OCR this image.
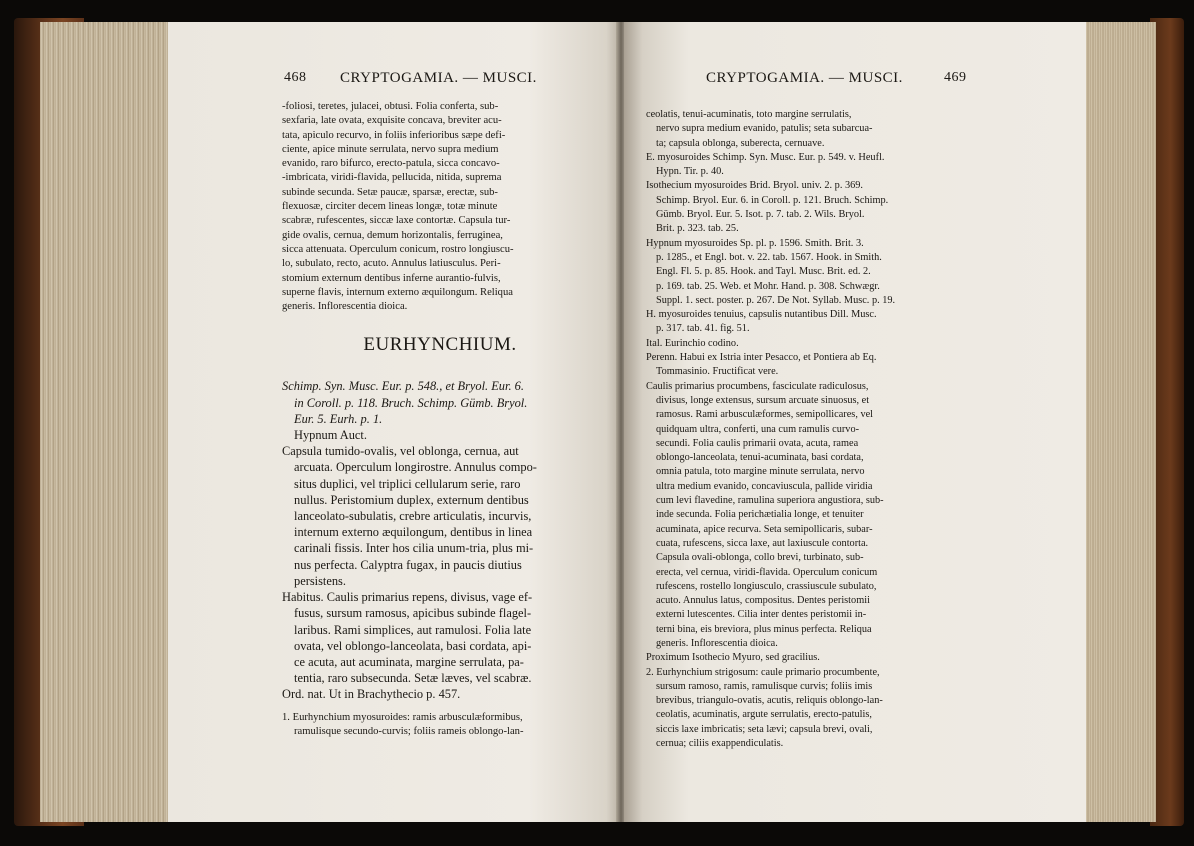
468 CRYPTOGAMIA. — MUSCI.
-foliosi, teretes, julacei, obtusi. Folia conferta, sub-
sexfaria, late ovata, exquisite concava, breviter acu-
tata, apiculo recurvo, in foliis inferioribus sæpe defi-
ciente, apice minute serrulata, nervo supra medium
evanido, raro bifurco, erecto-patula, sicca concavo-
-imbricata, viridi-flavida, pellucida, nitida, suprema
subinde secunda. Setæ paucæ, sparsæ, erectæ, sub-
flexuosæ, circiter decem lineas longæ, totæ minute
scabræ, rufescentes, siccæ laxe contortæ. Capsula tur-
gide ovalis, cernua, demum horizontalis, ferruginea,
sicca attenuata. Operculum conicum, rostro longiuscu-
lo, subulato, recto, acuto. Annulus latiusculus. Peri-
stomium externum dentibus inferne aurantio-fulvis,
superne flavis, internum externo æquilongum. Reliqua
generis. Inflorescentia dioica.
EURHYNCHIUM.
Schimp. Syn. Musc. Eur. p. 548., et Bryol. Eur. 6.
in Coroll. p. 118. Bruch. Schimp. Gümb. Bryol.
Eur. 5. Eurh. p. 1.
Hypnum Auct.
Capsula tumido-ovalis, vel oblonga, cernua, aut
arcuata. Operculum longirostre. Annulus compo-
situs duplici, vel triplici cellularum serie, raro
nullus. Peristomium duplex, externum dentibus
lanceolato-subulatis, crebre articulatis, incurvis,
internum externo æquilongum, dentibus in linea
carinali fissis. Inter hos cilia unum-tria, plus mi-
nus perfecta. Calyptra fugax, in paucis diutius
persistens.
Habitus. Caulis primarius repens, divisus, vage ef-
fusus, sursum ramosus, apicibus subinde flagel-
laribus. Rami simplices, aut ramulosi. Folia late
ovata, vel oblongo-lanceolata, basi cordata, api-
ce acuta, aut acuminata, margine serrulata, pa-
tentia, raro subsecunda. Setæ læves, vel scabræ.
Ord. nat. Ut in Brachythecio p. 457.
1. Eurhynchium myosuroides: ramis arbusculæformibus,
ramulisque secundo-curvis; foliis rameis oblongo-lan-
CRYPTOGAMIA. — MUSCI.	469
ceolatis, tenui-acuminatis, toto margine serrulatis,
nervo supra medium evanido, patulis; seta subarcua-
ta; capsula oblonga, suberecta, cernuave.
E. myosuroides Schimp. Syn. Musc. Eur. p. 549. v. Heufl.
Hypn. Tir. p. 40.
Isothecium myosuroides Brid. Bryol. univ. 2. p. 369.
Schimp. Bryol. Eur. 6. in Coroll. p. 121. Bruch. Schimp.
Gümb. Bryol. Eur. 5. Isot. p. 7. tab. 2. Wils. Bryol.
Brit. p. 323. tab. 25.
Hypnum myosuroides Sp. pl. p. 1596. Smith. Brit. 3.
p. 1285., et Engl. bot. v. 22. tab. 1567. Hook. in Smith.
Engl. Fl. 5. p. 85. Hook. and Tayl. Musc. Brit. ed. 2.
p. 169. tab. 25. Web. et Mohr. Hand. p. 308. Schwægr.
Suppl. 1. sect. poster. p. 267. De Not. Syllab. Musc. p. 19.
H. myosuroides tenuius, capsulis nutantibus Dill. Musc.
p. 317. tab. 41. fig. 51.
Ital. Eurinchio codino.
Perenn. Habui ex Istria inter Pesacco, et Pontiera ab Eq.
Tommasinio. Fructificat vere.
Caulis primarius procumbens, fasciculate radiculosus,
divisus, longe extensus, sursum arcuate sinuosus, et
ramosus. Rami arbusculæformes, semipollicares, vel
quidquam ultra, conferti, una cum ramulis curvo-
secundi. Folia caulis primarii ovata, acuta, ramea
oblongo-lanceolata, tenui-acuminata, basi cordata,
omnia patula, toto margine minute serrulata, nervo
ultra medium evanido, concaviuscula, pallide viridia
cum levi flavedine, ramulina superiora angustiora, sub-
inde secunda. Folia perichætialia longe, et tenuiter
acuminata, apice recurva. Seta semipollicaris, subar-
cuata, rufescens, sicca laxe, aut laxiuscule contorta.
Capsula ovali-oblonga, collo brevi, turbinato, sub-
erecta, vel cernua, viridi-flavida. Operculum conicum
rufescens, rostello longiusculo, crassiuscule subulato,
acuto. Annulus latus, compositus. Dentes peristomii
externi lutescentes. Cilia inter dentes peristomii in-
terni bina, eis breviora, plus minus perfecta. Reliqua
generis. Inflorescentia dioica.
Proximum Isothecio Myuro, sed gracilius.
2. Eurhynchium strigosum: caule primario procumbente,
sursum ramoso, ramis, ramulisque curvis; foliis imis
brevibus, triangulo-ovatis, acutis, reliquis oblongo-lan-
ceolatis, acuminatis, argute serrulatis, erecto-patulis,
siccis laxe imbricatis; seta lævi; capsula brevi, ovali,
cernua; ciliis exappendiculatis.
